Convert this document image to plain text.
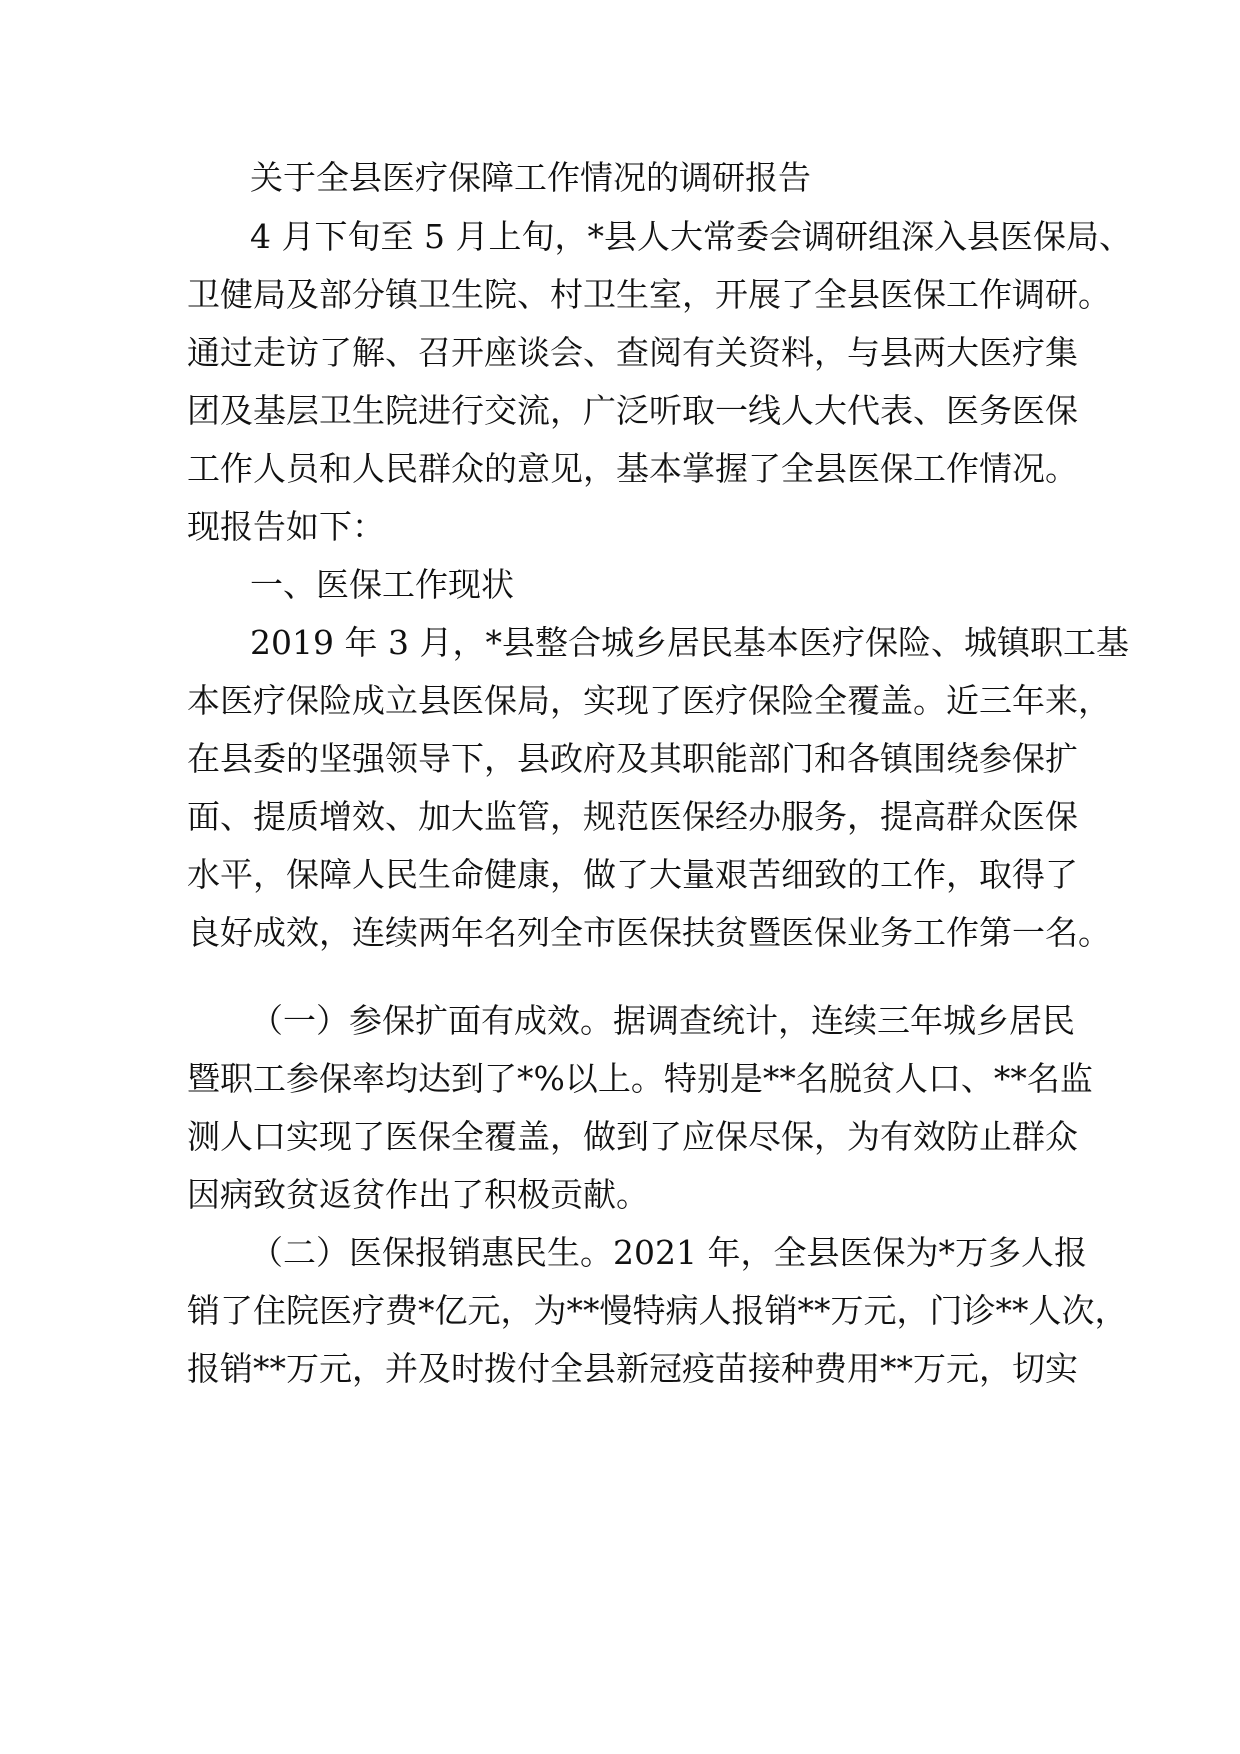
关于全县医疗保障工作情况的调研报告
4 月下旬至 5 月上旬，*县人大常委会调研组深入县医保局、
卫健局及部分镇卫生院、村卫生室，开展了全县医保工作调研。
通过走访了解、召开座谈会、查阅有关资料，与县两大医疗集
团及基层卫生院进行交流，广泛听取一线人大代表、医务医保
工作人员和人民群众的意见，基本掌握了全县医保工作情况。
现报告如下：
一、医保工作现状
2019 年 3 月，*县整合城乡居民基本医疗保险、城镇职工基
本医疗保险成立县医保局，实现了医疗保险全覆盖。近三年来，
在县委的坚强领导下，县政府及其职能部门和各镇围绕参保扩
面、提质增效、加大监管，规范医保经办服务，提高群众医保
水平，保障人民生命健康，做了大量艰苦细致的工作，取得了
良好成效，连续两年名列全市医保扶贫暨医保业务工作第一名。
（一）参保扩面有成效。据调查统计，连续三年城乡居民
暨职工参保率均达到了*%以上。特别是**名脱贫人口、**名监
测人口实现了医保全覆盖，做到了应保尽保，为有效防止群众
因病致贫返贫作出了积极贡献。
（二）医保报销惠民生。2021 年，全县医保为*万多人报
销了住院医疗费*亿元，为**慢特病人报销**万元，门诊**人次，
报销**万元，并及时拨付全县新冠疫苗接种费用**万元，切实
